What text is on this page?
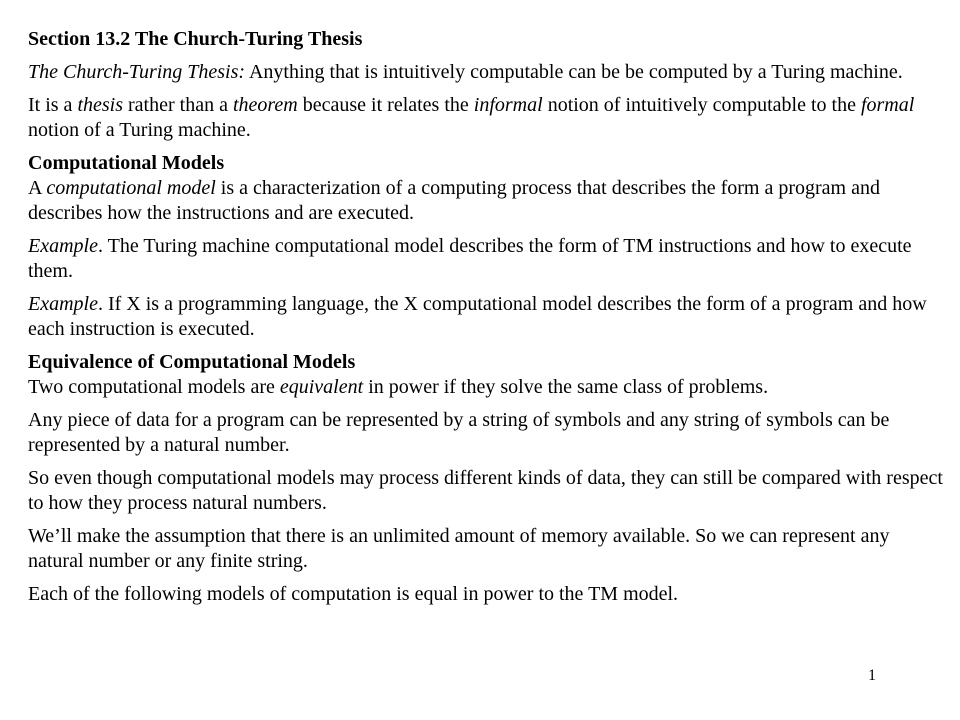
Section 13.2 The Church-Turing Thesis
The Church-Turing Thesis: Anything that is intuitively computable can be be computed by a Turing machine.
It is a thesis rather than a theorem because it relates the informal notion of intuitively computable to the formal notion of a Turing machine.
Computational Models
A computational model is a characterization of a computing process that describes the form a program and describes how the instructions and are executed.
Example. The Turing machine computational model describes the form of TM instructions and how to execute them.
Example. If X is a programming language, the X computational model describes the form of a program and how each instruction is executed.
Equivalence of Computational Models
Two computational models are equivalent in power if they solve the same class of problems.
Any piece of data for a program can be represented by a string of symbols and any string of symbols can be represented by a natural number.
So even though computational models may process different kinds of data, they can still be compared with respect to how they process natural numbers.
We’ll make the assumption that there is an unlimited amount of memory available. So we can represent any natural number or any finite string.
Each of the following models of computation is equal in power to the TM model.
1
